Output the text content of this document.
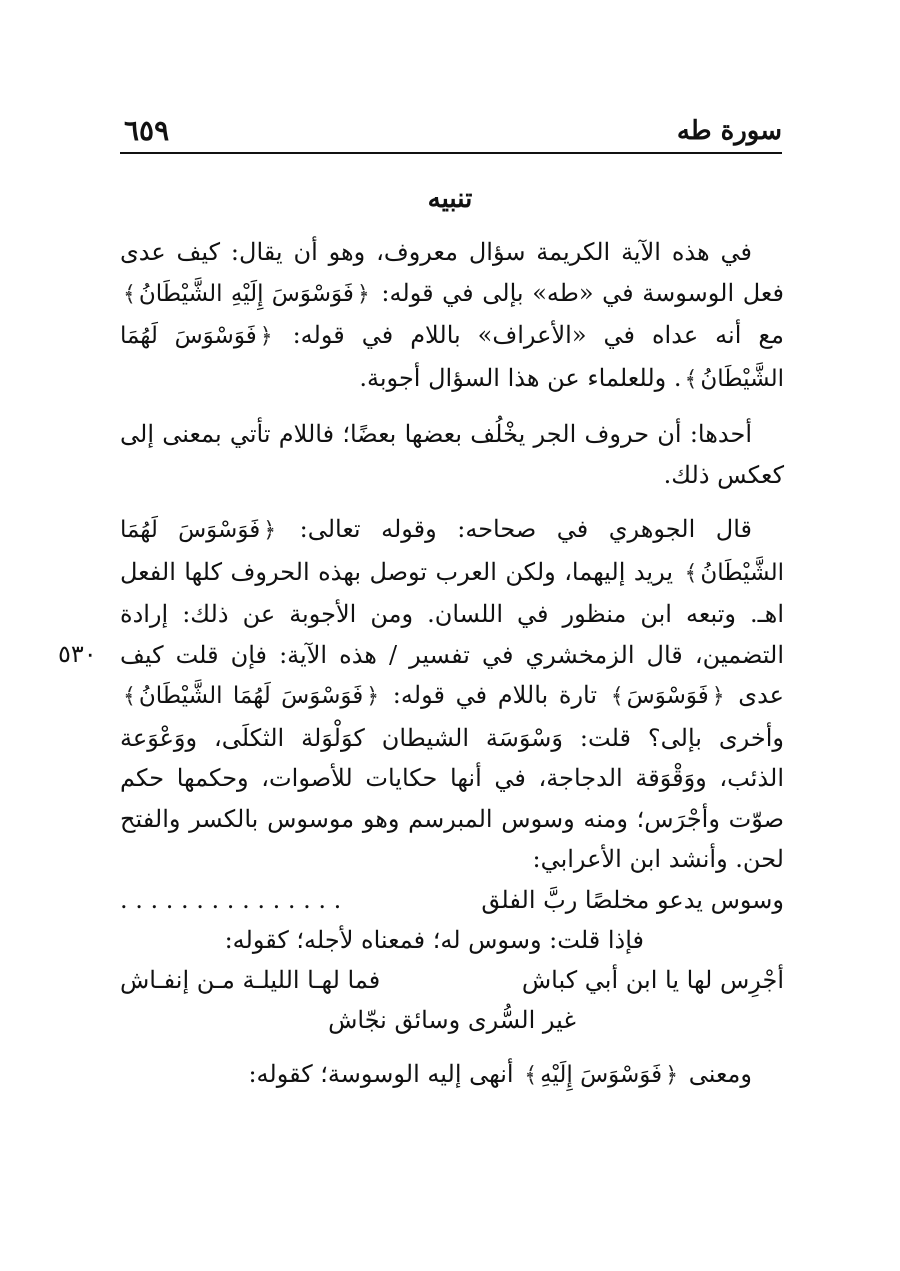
سورة طه
٦٥٩
تنبيه
٥٣٠

في هذه الآية الكريمة سؤال معروف، وهو أن يقال: كيف عدى فعل الوسوسة في «طه» بإلى في قوله: ﴿فَوَسْوَسَ إِلَيْهِ الشَّيْطَانُ﴾ مع أنه عداه في «الأعراف» باللام في قوله: ﴿فَوَسْوَسَ لَهُمَا الشَّيْطَانُ﴾. وللعلماء عن هذا السؤال أجوبة.

أحدها: أن حروف الجر يخْلُف بعضها بعضًا؛ فاللام تأتي بمعنى إلى كعكس ذلك.

قال الجوهري في صحاحه: وقوله تعالى: ﴿فَوَسْوَسَ لَهُمَا الشَّيْطَانُ﴾ يريد إليهما، ولكن العرب توصل بهذه الحروف كلها الفعل اهـ. وتبعه ابن منظور في اللسان. ومن الأجوبة عن ذلك: إرادة التضمين، قال الزمخشري في تفسير / هذه الآية: فإن قلت كيف عدى ﴿فَوَسْوَسَ﴾ تارة باللام في قوله: ﴿فَوَسْوَسَ لَهُمَا الشَّيْطَانُ﴾ وأخرى بإلى؟ قلت: وَسْوَسَة الشيطان كوَلْوَلة الثكلَى، ووَعْوَعة الذئب، ووَقْوَقة الدجاجة، في أنها حكايات للأصوات، وحكمها حكم صوّت وأجْرَس؛ ومنه وسوس المبرسم وهو موسوس بالكسر والفتح لحن. وأنشد ابن الأعرابي:

وسوس يدعو مخلصًا ربَّ الفلق
. . . . . . . . . . . . . . .

فإذا قلت: وسوس له؛ فمعناه لأجله؛ كقوله:

أجْرِس لها يا ابن أبي كباش
فما لهـا الليلـة مـن إنفـاش

غير السُّرى وسائق نجّاش

ومعنى ﴿فَوَسْوَسَ إِلَيْهِ﴾ أنهى إليه الوسوسة؛ كقوله:
